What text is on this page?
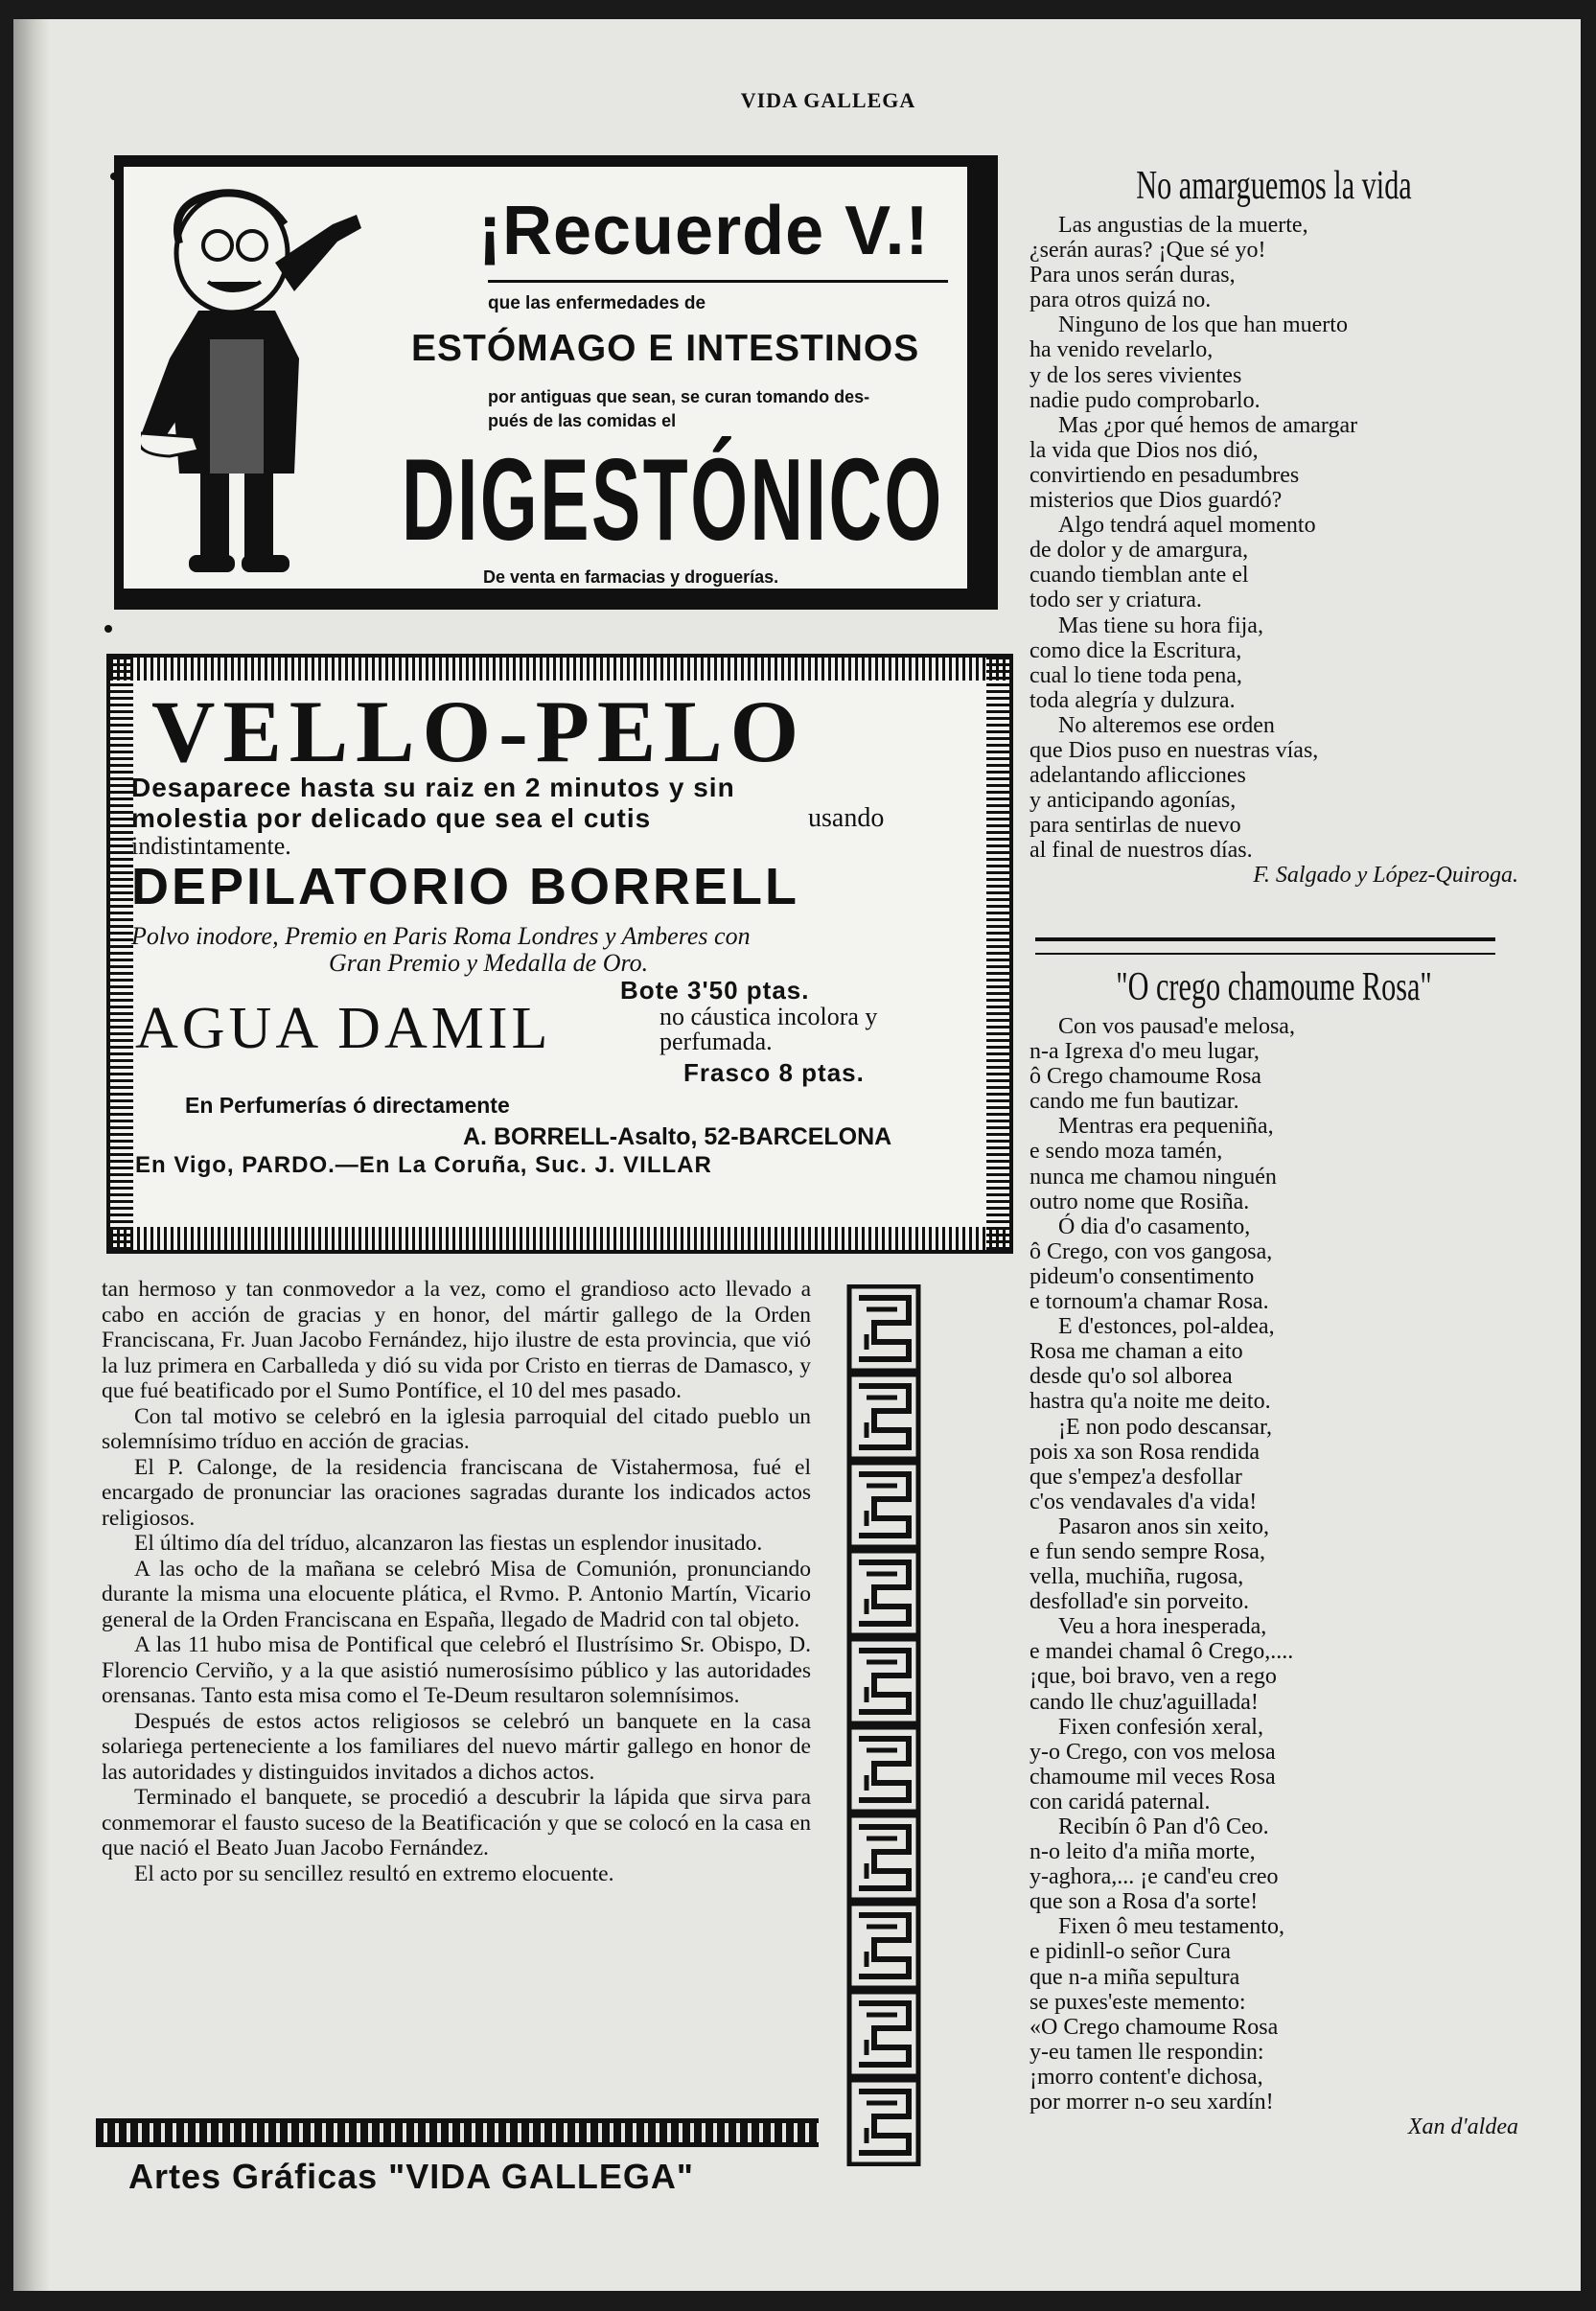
VIDA GALLEGA
¡Recuerde V.!
que las enfermedades de
ESTÓMAGO E INTESTINOS
por antiguas que sean, se curan tomando des-
pués de las comidas el
DIGESTÓNICO
De venta en farmacias y droguerías.
VELLO-PELO
Desaparece hasta su raiz en 2 minutos y sin
molestia por delicado que sea el cutis	usando
indistintamente.
DEPILATORIO BORRELL
Polvo inodore, Premio en Paris Roma Londres y Amberes con
Gran Premio y Medalla de Oro.
Bote 3'50 ptas.
AGUA DAMIL	no cáustica incolora y
perfumada.
Frasco 8 ptas.
En Perfumerías ó directamente
A. BORRELL-Asalto, 52-BARCELONA
En Vigo, PARDO.—En La Coruña, Suc. J. VILLAR

tan hermoso y tan conmovedor a la vez, como el grandioso acto llevado a cabo en acción de gracias y en honor, del mártir gallego de la Orden Franciscana, Fr. Juan Jacobo Fernández, hijo ilustre de esta provincia, que vió la luz primera en Carballeda y dió su vida por Cristo en tierras de Damasco, y que fué beatificado por el Sumo Pontífice, el 10 del mes pasado.

Con tal motivo se celebró en la iglesia parroquial del citado pueblo un solemnísimo tríduo en acción de gracias.

El P. Calonge, de la residencia franciscana de Vistahermosa, fué el encargado de pronunciar las oraciones sagradas durante los indicados actos religiosos.

El último día del tríduo, alcanzaron las fiestas un esplendor inusitado.

A las ocho de la mañana se celebró Misa de Comunión, pronunciando durante la misma una elocuente plática, el Rvmo. P. Antonio Martín, Vicario general de la Orden Franciscana en España, llegado de Madrid con tal objeto.

A las 11 hubo misa de Pontifical que celebró el Ilustrísimo Sr. Obispo, D. Florencio Cerviño, y a la que asistió numerosísimo público y las autoridades orensanas. Tanto esta misa como el Te-Deum resultaron solemnísimos.

Después de estos actos religiosos se celebró un banquete en la casa solariega perteneciente a los familiares del nuevo mártir gallego en honor de las autoridades y distinguidos invitados a dichos actos.

Terminado el banquete, se procedió a descubrir la lápida que sirva para conmemorar el fausto suceso de la Beatificación y que se colocó en la casa en que nació el Beato Juan Jacobo Fernández.

El acto por su sencillez resultó en extremo elocuente.

Artes Gráficas "VIDA GALLEGA"
No amarguemos la vida
Las angustias de la muerte,
¿serán auras? ¡Que sé yo!
Para unos serán duras,
para otros quizá no.
Ninguno de los que han muerto
ha venido revelarlo,
y de los seres vivientes
nadie pudo comprobarlo.
Mas ¿por qué hemos de amargar
la vida que Dios nos dió,
convirtiendo en pesadumbres
misterios que Dios guardó?
Algo tendrá aquel momento
de dolor y de amargura,
cuando tiemblan ante el
todo ser y criatura.
Mas tiene su hora fija,
como dice la Escritura,
cual lo tiene toda pena,
toda alegría y dulzura.
No alteremos ese orden
que Dios puso en nuestras vías,
adelantando aflicciones
y anticipando agonías,
para sentirlas de nuevo
al final de nuestros días.
F. Salgado y López-Quiroga.
"O crego chamoume Rosa"
Con vos pausad'e melosa,
n-a Igrexa d'o meu lugar,
ô Crego chamoume Rosa
cando me fun bautizar.
Mentras era pequeniña,
e sendo moza tamén,
nunca me chamou ninguén
outro nome que Rosiña.
Ó dia d'o casamento,
ô Crego, con vos gangosa,
pideum'o consentimento
e tornoum'a chamar Rosa.
E d'estonces, pol-aldea,
Rosa me chaman a eito
desde qu'o sol alborea
hastra qu'a noite me deito.
¡E non podo descansar,
pois xa son Rosa rendida
que s'empez'a desfollar
c'os vendavales d'a vida!
Pasaron anos sin xeito,
e fun sendo sempre Rosa,
vella, muchiña, rugosa,
desfollad'e sin porveito.
Veu a hora inesperada,
e mandei chamal ô Crego,....
¡que, boi bravo, ven a rego
cando lle chuz'aguillada!
Fixen confesión xeral,
y-o Crego, con vos melosa
chamoume mil veces Rosa
con caridá paternal.
Recibín ô Pan d'ô Ceo.
n-o leito d'a miña morte,
y-aghora,... ¡e cand'eu creo
que son a Rosa d'a sorte!
Fixen ô meu testamento,
e pidinll-o señor Cura
que n-a miña sepultura
se puxes'este memento:
«O Crego chamoume Rosa
y-eu tamen lle respondin:
¡morro content'e dichosa,
por morrer n-o seu xardín!
Xan d'aldea
